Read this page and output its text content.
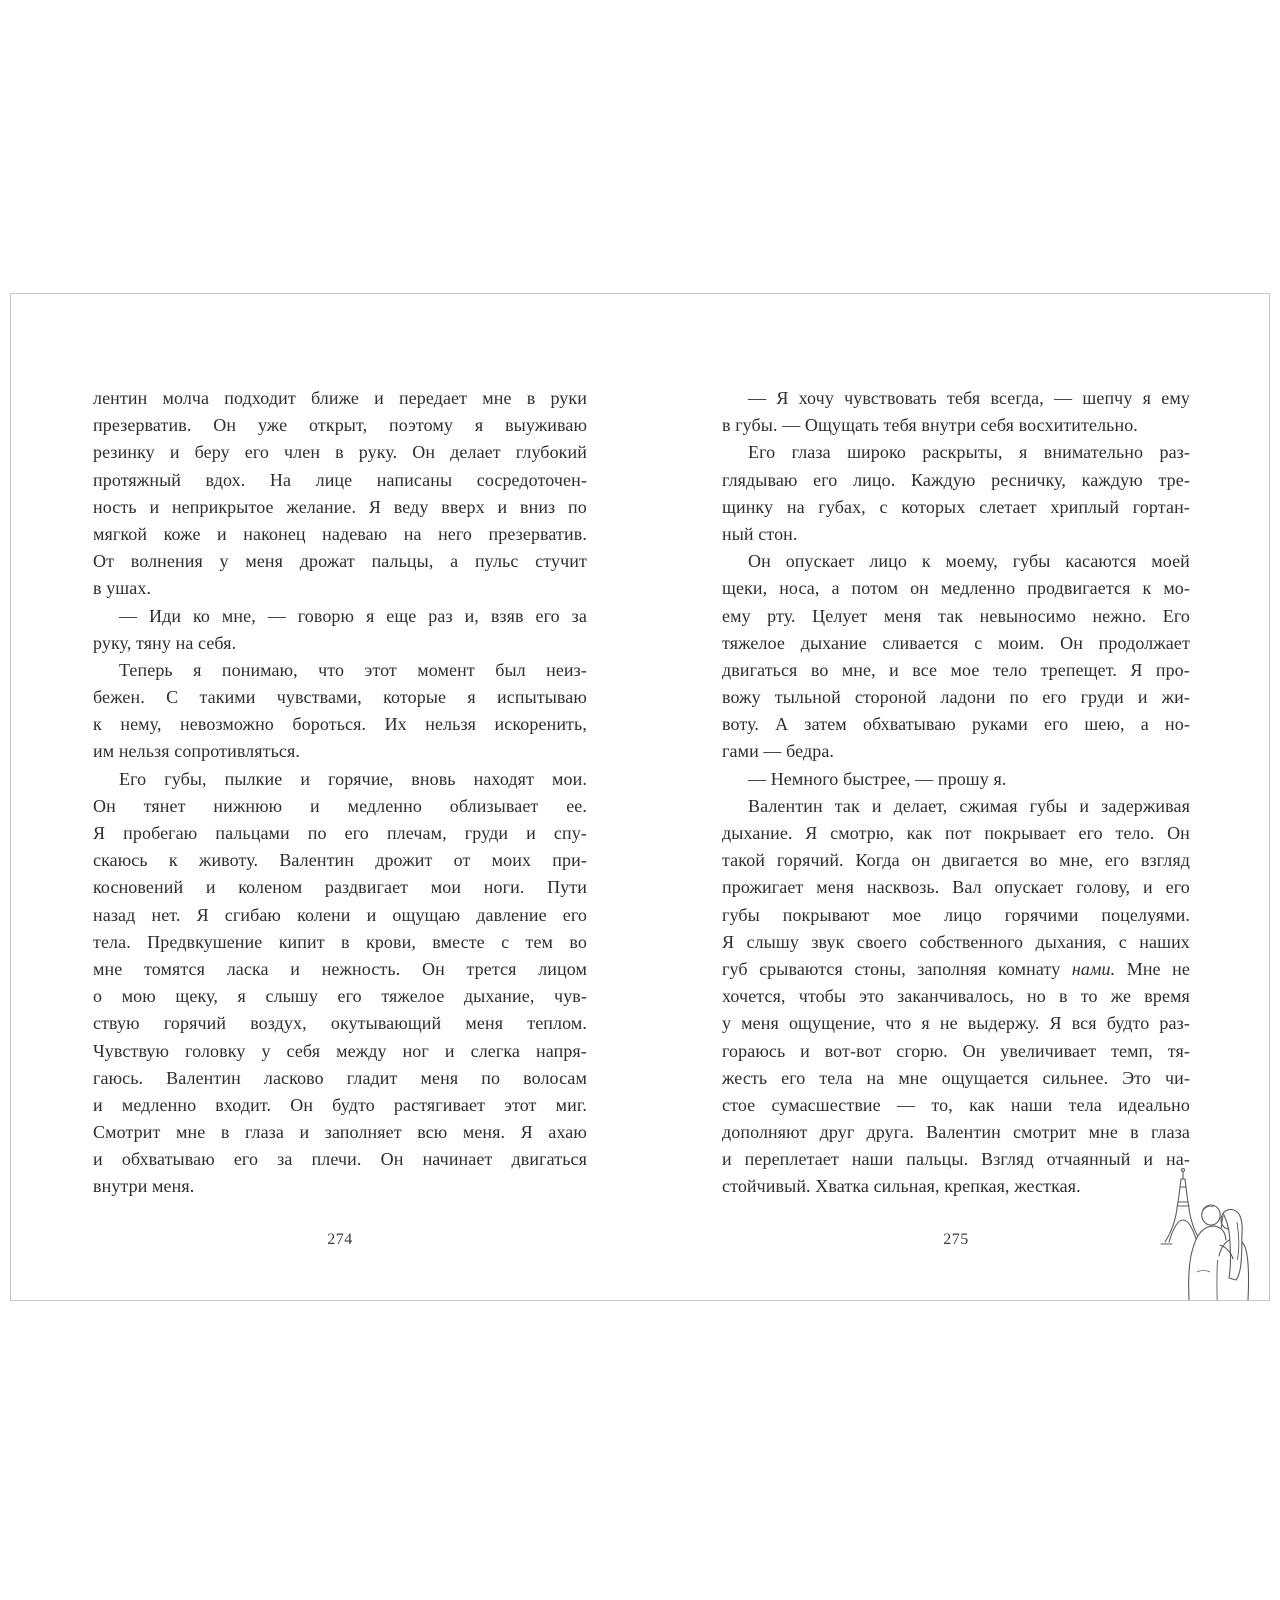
лентин молча подходит ближе и передает мне в руки
презерватив. Он уже открыт, поэтому я выуживаю
резинку и беру его член в руку. Он делает глубокий
протяжный вдох. На лице написаны сосредоточен-
ность и неприкрытое желание. Я веду вверх и вниз по
мягкой коже и наконец надеваю на него презерватив.
От волнения у меня дрожат пальцы, а пульс стучит
в ушах.
— Иди ко мне, — говорю я еще раз и, взяв его за
руку, тяну на себя.
Теперь я понимаю, что этот момент был неиз-
бежен. С такими чувствами, которые я испытываю
к нему, невозможно бороться. Их нельзя искоренить,
им нельзя сопротивляться.
Его губы, пылкие и горячие, вновь находят мои.
Он тянет нижнюю и медленно облизывает ее.
Я пробегаю пальцами по его плечам, груди и спу-
скаюсь к животу. Валентин дрожит от моих при-
косновений и коленом раздвигает мои ноги. Пути
назад нет. Я сгибаю колени и ощущаю давление его
тела. Предвкушение кипит в крови, вместе с тем во
мне томятся ласка и нежность. Он трется лицом
о мою щеку, я слышу его тяжелое дыхание, чув-
ствую горячий воздух, окутывающий меня теплом.
Чувствую головку у себя между ног и слегка напря-
гаюсь. Валентин ласково гладит меня по волосам
и медленно входит. Он будто растягивает этот миг.
Смотрит мне в глаза и заполняет всю меня. Я ахаю
и обхватываю его за плечи. Он начинает двигаться
внутри меня.
274
— Я хочу чувствовать тебя всегда, — шепчу я ему
в губы. — Ощущать тебя внутри себя восхитительно.
Его глаза широко раскрыты, я внимательно раз-
глядываю его лицо. Каждую ресничку, каждую тре-
щинку на губах, с которых слетает хриплый гортан-
ный стон.
Он опускает лицо к моему, губы касаются моей
щеки, носа, а потом он медленно продвигается к мо-
ему рту. Целует меня так невыносимо нежно. Его
тяжелое дыхание сливается с моим. Он продолжает
двигаться во мне, и все мое тело трепещет. Я про-
вожу тыльной стороной ладони по его груди и жи-
воту. А затем обхватываю руками его шею, а но-
гами — бедра.
— Немного быстрее, — прошу я.
Валентин так и делает, сжимая губы и задерживая
дыхание. Я смотрю, как пот покрывает его тело. Он
такой горячий. Когда он двигается во мне, его взгляд
прожигает меня насквозь. Вал опускает голову, и его
губы покрывают мое лицо горячими поцелуями.
Я слышу звук своего собственного дыхания, с наших
губ срываются стоны, заполняя комнату нами. Мне не
хочется, чтобы это заканчивалось, но в то же время
у меня ощущение, что я не выдержу. Я вся будто раз-
гораюсь и вот-вот сгорю. Он увеличивает темп, тя-
жесть его тела на мне ощущается сильнее. Это чи-
стое сумасшествие — то, как наши тела идеально
дополняют друг друга. Валентин смотрит мне в глаза
и переплетает наши пальцы. Взгляд отчаянный и на-
стойчивый. Хватка сильная, крепкая, жесткая.
275
